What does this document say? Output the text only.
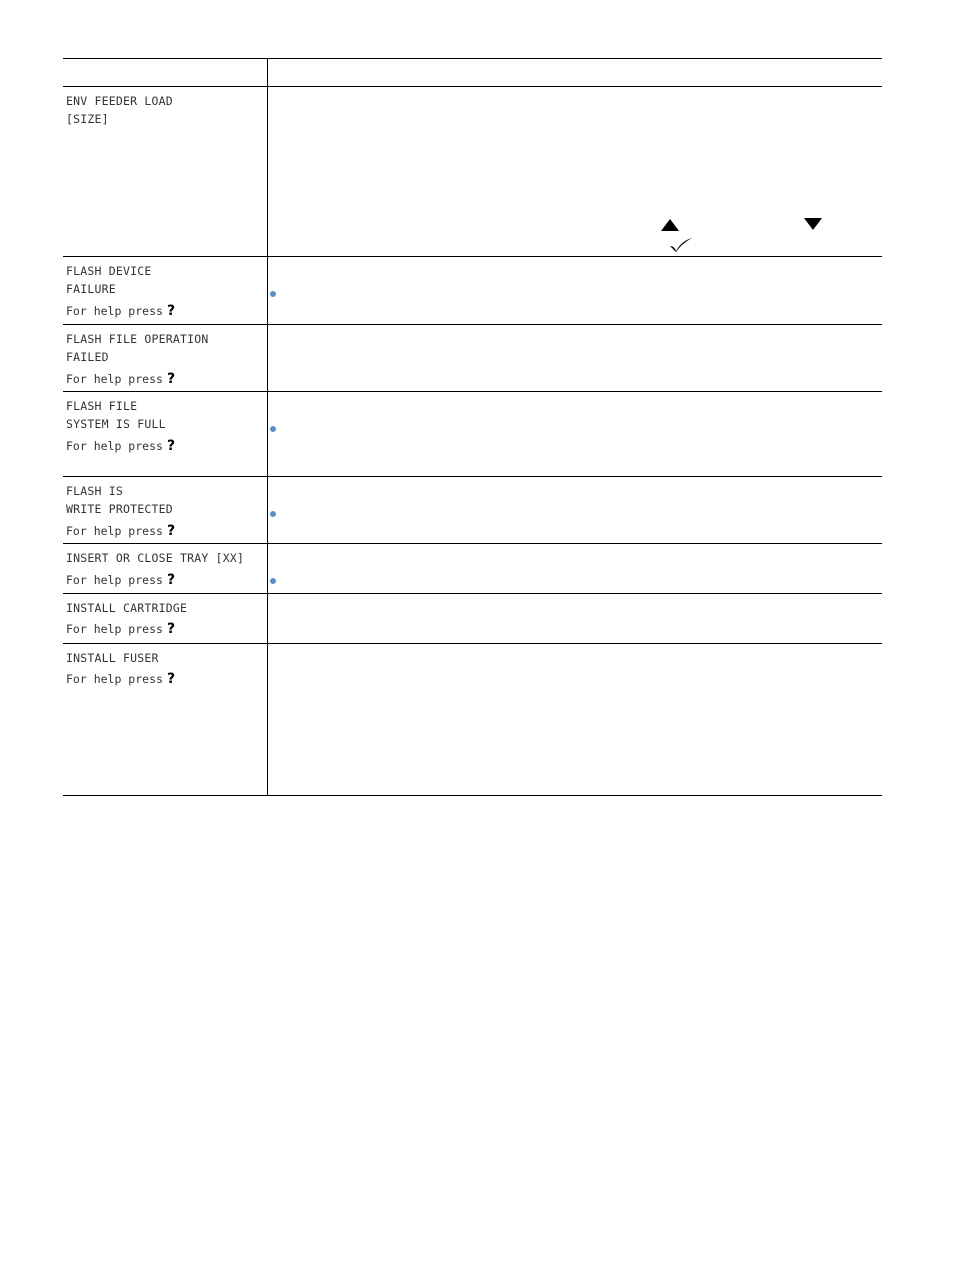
ENV FEEDER LOAD
[SIZE]
FLASH DEVICE
FAILURE
For help press ?
FLASH FILE OPERATION
FAILED
For help press ?
FLASH FILE
SYSTEM IS FULL
For help press ?
FLASH IS
WRITE PROTECTED
For help press ?
INSERT OR CLOSE TRAY [XX]
For help press ?
INSTALL CARTRIDGE
For help press ?
INSTALL FUSER
For help press ?
